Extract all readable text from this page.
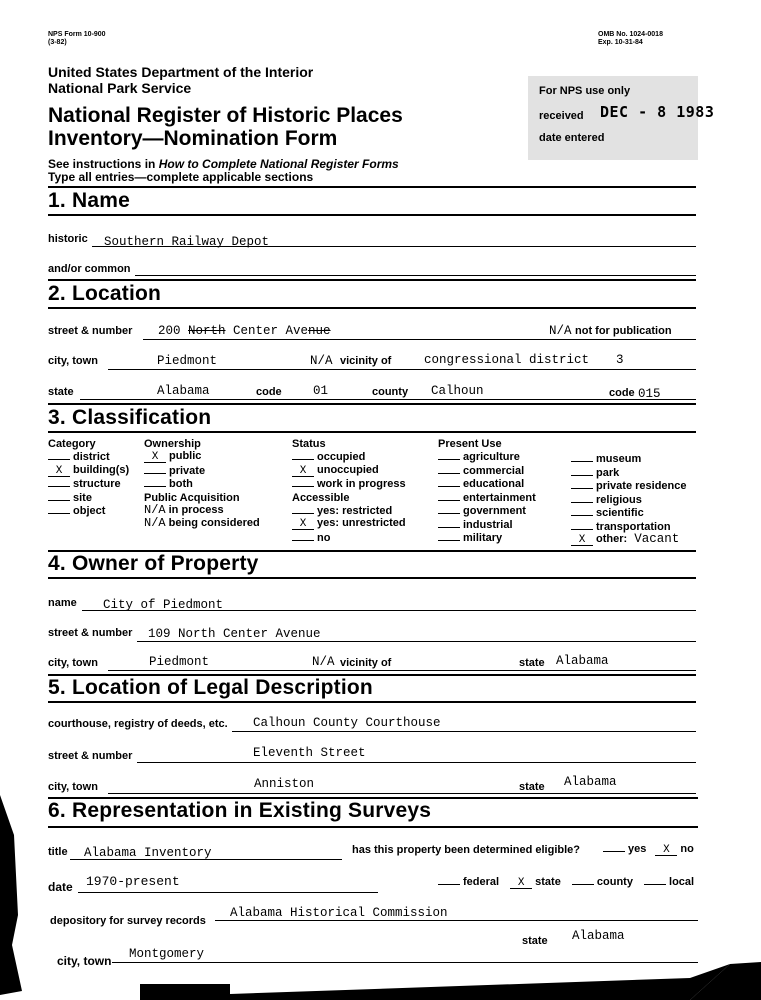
NPS Form 10-900
(3-82)
OMB No. 1024-0018
Exp. 10-31-84
United States Department of the Interior
National Park Service
National Register of Historic Places
Inventory—Nomination Form
See instructions in How to Complete National Register Forms
Type all entries—complete applicable sections
For NPS use only
received DEC - 8 1983
date entered
1. Name
historic Southern Railway Depot
and/or common
2. Location
street & number 200 North Center Avenue	N/A not for publication
city, town	Piedmont	N/A vicinity of	congressional district 3
state	Alabama	code	01	county Calhoun	code 015
3. Classification
Category
district
X building(s)
structure
site
object
Ownership
X public
private
both
Public Acquisition
N/A in process
N/A being considered
Status
occupied
X unoccupied
work in progress
Accessible
yes: restricted
X yes: unrestricted
no
Present Use
agriculture
commercial
educational
entertainment
government
industrial
military
museum
park
private residence
religious
scientific
transportation
X other: Vacant
4. Owner of Property
name City of Piedmont
street & number 109 North Center Avenue
city, town	Piedmont	N/A vicinity of	state Alabama
5. Location of Legal Description
courthouse, registry of deeds, etc. Calhoun County Courthouse
street & number	Eleventh Street
city, town	Anniston	state Alabama
6. Representation in Existing Surveys
title Alabama Inventory	has this property been determined eligible?	yes X no
date 1970-present	federal X state	county	local
depository for survey records
Alabama Historical Commission
state Alabama
city, town Montgomery
